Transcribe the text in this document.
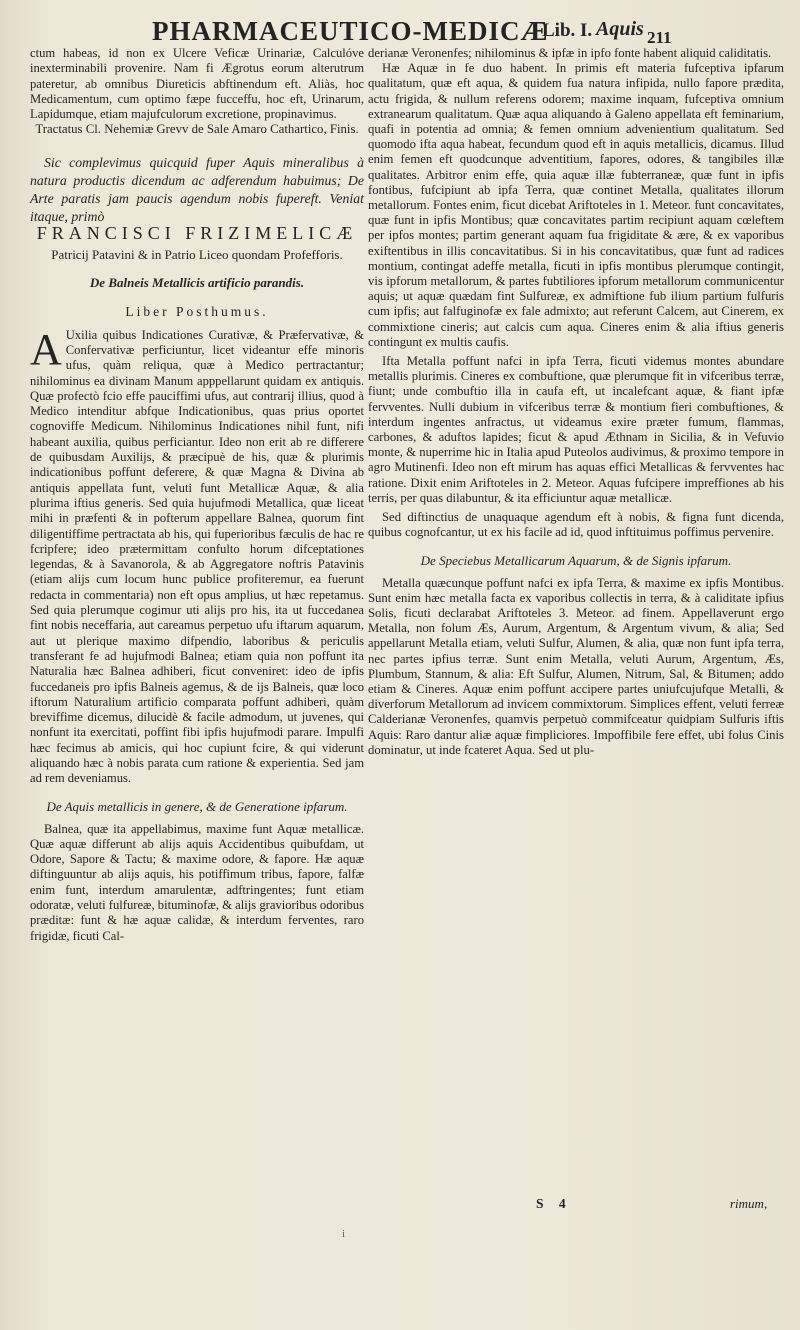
PHARMACEUTICO-MEDICÆ
Lib. I. Aquis 211

ctum habeas, id non ex Ulcere Veficæ Urinariæ, Calculóve inexterminabili provenire. Nam fi Ægrotus eorum alterutrum pateretur, ab omnibus Diureticis abftinendum eft. Aliàs, hoc Medicamentum, cum optimo fæpe fucceffu, hoc eft, Urinarum, Lapidumque, etiam majufculorum excretione, propinavimus.

Tractatus Cl. Nehemiæ Grevv de Sale Amaro Cathartico, Finis.

Sic complevimus quicquid fuper Aquis mineralibus à natura productis dicendum ac adferendum habuimus; De Arte paratis jam paucis agendum nobis fupereft. Veniat itaque, primò

FRANCISCI FRIZIMELICÆ

Patricij Patavini & in Patrio Liceo quondam Profefforis.

De Balneis Metallicis artificio parandis.

Liber Posthumus.

A Uxilia quibus Indicationes Curativæ, & Præfervativæ, & Confervativæ perficiuntur, licet videantur effe minoris ufus, quàm reliqua, quæ à Medico pertractantur; nihilominus ea divinam Manum apppellarunt quidam ex antiquis. Quæ profectò fcio effe pauciffimi ufus, aut contrarij illius, quod à Medico intenditur abfque Indicationibus, quas prius oportet cognoviffe Medicum. Nihilominus Indicationes nihil funt, nifi habeant auxilia, quibus perficiantur. Ideo non erit ab re differere de quibusdam Auxilijs, & præcipuè de his, quæ & plurimis indicationibus poffunt deferere, & quæ Magna & Divina ab antiquis appellata funt, veluti funt Metallicæ Aquæ, & alia plurima iftius generis. Sed quia hujufmodi Metallica, quæ liceat mihi in præfenti & in pofterum appellare Balnea, quorum fint diligentiffime pertractata ab his, qui fuperioribus fæculis de hac re fcripfere; ideo prætermittam confulto horum difceptationes legendas, & à Savanorola, & ab Aggregatore noftris Patavinis (etiam alijs cum locum hunc publice profiteremur, ea fuerunt redacta in commentaria) non eft opus amplius, ut hæc repetamus. Sed quia plerumque cogimur uti alijs pro his, ita ut fuccedanea fint nobis neceffaria, aut careamus perpetuo ufu iftarum aquarum, aut ut plerique maximo difpendio, laboribus & periculis transferant fe ad hujufmodi Balnea; etiam quia non poffunt ita Naturalia hæc Balnea adhiberi, ficut conveniret: ideo de ipfis fuccedaneis pro ipfis Balneis agemus, & de ijs Balneis, quæ loco iftorum Naturalium artificio comparata poffunt adhiberi, quàm breviffime dicemus, dilucidè & facile admodum, ut juvenes, qui nonfunt ita exercitati, poffint fibi ipfis hujufmodi parare. Impulfi hæc fecimus ab amicis, qui hoc cupiunt fcire, & qui viderunt aliquando hæc à nobis parata cum ratione & experientia. Sed jam ad rem deveniamus.

De Aquis metallicis in genere, & de Generatione ipfarum.

Balnea, quæ ita appellabimus, maxime funt Aquæ metallicæ. Quæ aquæ differunt ab alijs aquis Accidentibus quibufdam, ut Odore, Sapore & Tactu; & maxime odore, & fapore. Hæ aquæ diftinguuntur ab alijs aquis, his potiffimum tribus, fapore, falfæ enim funt, interdum amarulentæ, adftringentes; funt etiam odoratæ, veluti fulfureæ, bituminofæ, & alijs gravioribus odoribus præditæ: funt & hæ aquæ calidæ, & interdum ferventes, raro frigidæ, ficuti Cal-

derianæ Veronenfes; nihilominus & ipfæ in ipfo fonte habent aliquid caliditatis.

Hæ Aquæ in fe duo habent. In primis eft materia fufceptiva ipfarum qualitatum, quæ eft aqua, & quidem fua natura infipida, nullo fapore prædita, actu frigida, & nullum referens odorem; maxime inquam, fufceptiva omnium extranearum qualitatum. Quæ aqua aliquando à Galeno appellata eft feminarium, quafi in potentia ad omnia; & femen omnium advenientium qualitatum. Sed quomodo ifta aqua habeat, fecundum quod eft in aquis metallicis, dicamus. Illud enim femen eft quodcunque adventitium, fapores, odores, & tangibiles illæ qualitates. Arbitror enim effe, quia aquæ illæ fubterraneæ, quæ funt in ipfis fontibus, fufcipiunt ab ipfa Terra, quæ continet Metalla, qualitates illorum metallorum. Fontes enim, ficut dicebat Ariftoteles in 1. Meteor. funt concavitates, quæ funt in ipfis Montibus; quæ concavitates partim recipiunt aquam cœleftem per ipfos montes; partim generant aquam fua frigiditate & ære, & ex vaporibus exiftentibus in illis concavitatibus. Si in his concavitatibus, quæ funt ad radices montium, contingat adeffe metalla, ficuti in ipfis montibus plerumque contingit, vis ipforum metallorum, & partes fubtiliores ipforum metallorum communicentur aquis; ut aquæ quædam fint Sulfureæ, ex admiftione fub ilium partium fulfuris cum ipfis; aut falfuginofæ ex fale admixto; aut referunt Calcem, aut Cinerem, ex commixtione cineris; aut calcis cum aqua. Cineres enim & alia iftius generis contingunt ex multis caufis.

Ifta Metalla poffunt nafci in ipfa Terra, ficuti videmus montes abundare metallis plurimis. Cineres ex combuftione, quæ plerumque fit in vifceribus terræ, fiunt; unde combuftio illa in caufa eft, ut incalefcant aquæ, & fiant ipfæ fervventes. Nulli dubium in vifceribus terræ & montium fieri combuftiones, & interdum ingentes anfractus, ut videamus exire præter fumum, flammas, carbones, & aduftos lapides; ficut & apud Æthnam in Sicilia, & in Vefuvio monte, & nuperrime hic in Italia apud Puteolos audivimus, & proximo tempore in agro Mutinenfi. Ideo non eft mirum has aquas effici Metallicas & fervventes hac ratione. Dixit enim Ariftoteles in 2. Meteor. Aquas fufcipere impreffiones ab his terris, per quas dilabuntur, & ita efficiuntur aquæ metallicæ.

Sed diftinctius de unaquaque agendum eft à nobis, & figna funt dicenda, quibus cognofcantur, ut ex his facile ad id, quod inftituimus poffimus pervenire.

De Speciebus Metallicarum Aquarum, & de Signis ipfarum.

Metalla quæcunque poffunt nafci ex ipfa Terra, & maxime ex ipfis Montibus. Sunt enim hæc metalla facta ex vaporibus collectis in terra, & à caliditate ipfius Solis, ficuti declarabat Ariftoteles 3. Meteor. ad finem. Appellaverunt ergo Metalla, non folum Æs, Aurum, Argentum, & Argentum vivum, & alia; Sed appellarunt Metalla etiam, veluti Sulfur, Alumen, & alia, quæ non funt ipfa terra, nec partes ipfius terræ. Sunt enim Metalla, veluti Aurum, Argentum, Æs, Plumbum, Stannum, & alia: Eft Sulfur, Alumen, Nitrum, Sal, & Bitumen; addo etiam & Cineres. Aquæ enim poffunt accipere partes uniufcujufque Metalli, & diverforum Metallorum ad invicem commixtorum. Simplices effent, veluti ferreæ Calderianæ Veronenfes, quamvis perpetuò commifceatur quidpiam Sulfuris iftis Aquis: Raro dantur aliæ aquæ fimpliciores. Impoffibile fere effet, ubi folus Cinis dominatur, ut inde fcateret Aqua. Sed ut plu-

S 4	rimum,
i
